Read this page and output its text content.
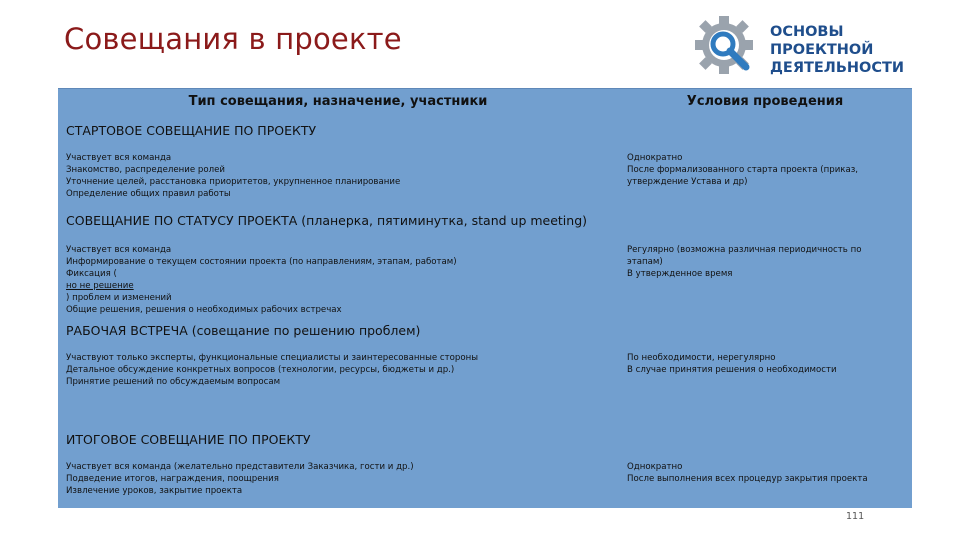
Совещания в проекте	ОСНОВЫ
ПРОЕКТНОЙ
ДЕЯТЕЛЬНОСТИ
Тип совещания, назначение, участники	Условия проведения
СТАРТОВОЕ СОВЕЩАНИЕ ПО ПРОЕКТУ
Участвует вся команда
Знакомство, распределение ролей
Уточнение целей, расстановка приоритетов, укрупненное планирование
Определение общих правил работы
Однократно
После формализованного старта проекта (приказ,
утверждение Устава и др)
СОВЕЩАНИЕ ПО СТАТУСУ ПРОЕКТА (планерка, пятиминутка, stand up meeting)
Участвует вся команда
Информирование о текущем состоянии проекта (по направлениям, этапам, работам)
Фиксация (
но не решение
) проблем и изменений
Общие решения, решения о необходимых рабочих встречах
Регулярно (возможна различная периодичность по
этапам)
В утвержденное время
РАБОЧАЯ ВСТРЕЧА (совещание по решению проблем)
Участвуют только эксперты, функциональные специалисты и заинтересованные стороны
Детальное обсуждение конкретных вопросов (технологии, ресурсы, бюджеты и др.)
Принятие решений по обсуждаемым вопросам
По необходимости, нерегулярно
В случае принятия решения о необходимости
ИТОГОВОЕ СОВЕЩАНИЕ ПО ПРОЕКТУ
Участвует вся команда (желательно представители Заказчика, гости и др.)
Подведение итогов, награждения, поощрения
Извлечение уроков, закрытие проекта
Однократно
После выполнения всех процедур закрытия проекта
111
